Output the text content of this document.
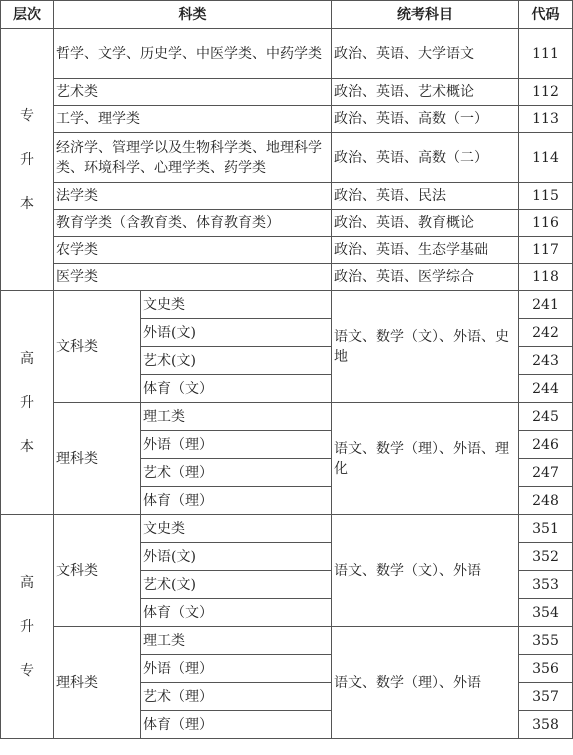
层次	科类		统考科目	代码

专
升
本	哲学、文学、历史学、中医学类、中药学类		政治、英语、大学语文	111
	艺术类		政治、英语、艺术概论	112
	工学、理学类		政治、英语、高数（一）	113
	经济学、管理学以及生物科学类、地理科学类、环境科学、心理学类、药学类		政治、英语、高数（二）	114
	法学类		政治、英语、民法	115
	教育学类（含教育类、体育教育类）		政治、英语、教育概论	116
	农学类		政治、英语、生态学基础	117
	医学类		政治、英语、医学综合	118

高
升
本	文科类	文史类	语文、数学（文）、外语、史地	241
		外语(文)		242
		艺术(文)		243
		体育（文）		244
	理科类	理工类	语文、数学（理）、外语、理化	245
		外语（理）		246
		艺术（理）		247
		体育（理）		248

高
升
专	文科类	文史类	语文、数学（文）、外语	351
		外语(文)		352
		艺术(文)		353
		体育（文）		354
	理科类	理工类	语文、数学（理）、外语	355
		外语（理）		356
		艺术（理）		357
		体育（理）		358
